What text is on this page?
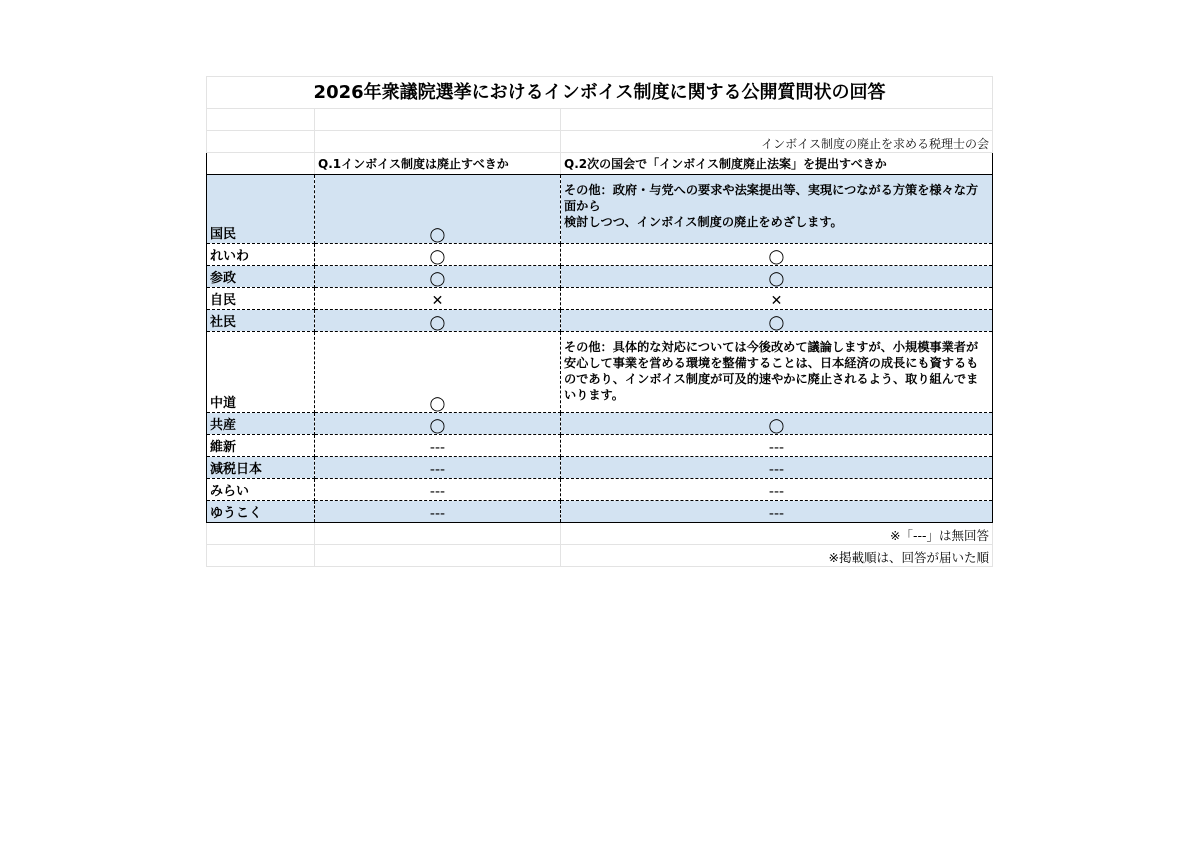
2026年衆議院選挙におけるインボイス制度に関する公開質問状の回答		

		インボイス制度の廃止を求める税理士の会
	Q.1インボイス制度は廃止すべきか	Q.2次の国会で「インボイス制度廃止法案」を提出すべきか
国民	◯	その他：政府・与党への要求や法案提出等、実現につながる方策を様々な方面から
検討しつつ、インボイス制度の廃止をめざします。
れいわ	◯	◯
参政	◯	◯
自民	✕	✕
社民	◯	◯
中道	◯	その他：具体的な対応については今後改めて議論しますが、小規模事業者が安心して事業を営める環境を整備することは、日本経済の成長にも資するものであり、インボイス制度が可及的速やかに廃止されるよう、取り組んでまいります。
共産	◯	◯
維新	---	---
減税日本	---	---
みらい	---	---
ゆうこく	---	---
		※「---」は無回答
		※掲載順は、回答が届いた順
